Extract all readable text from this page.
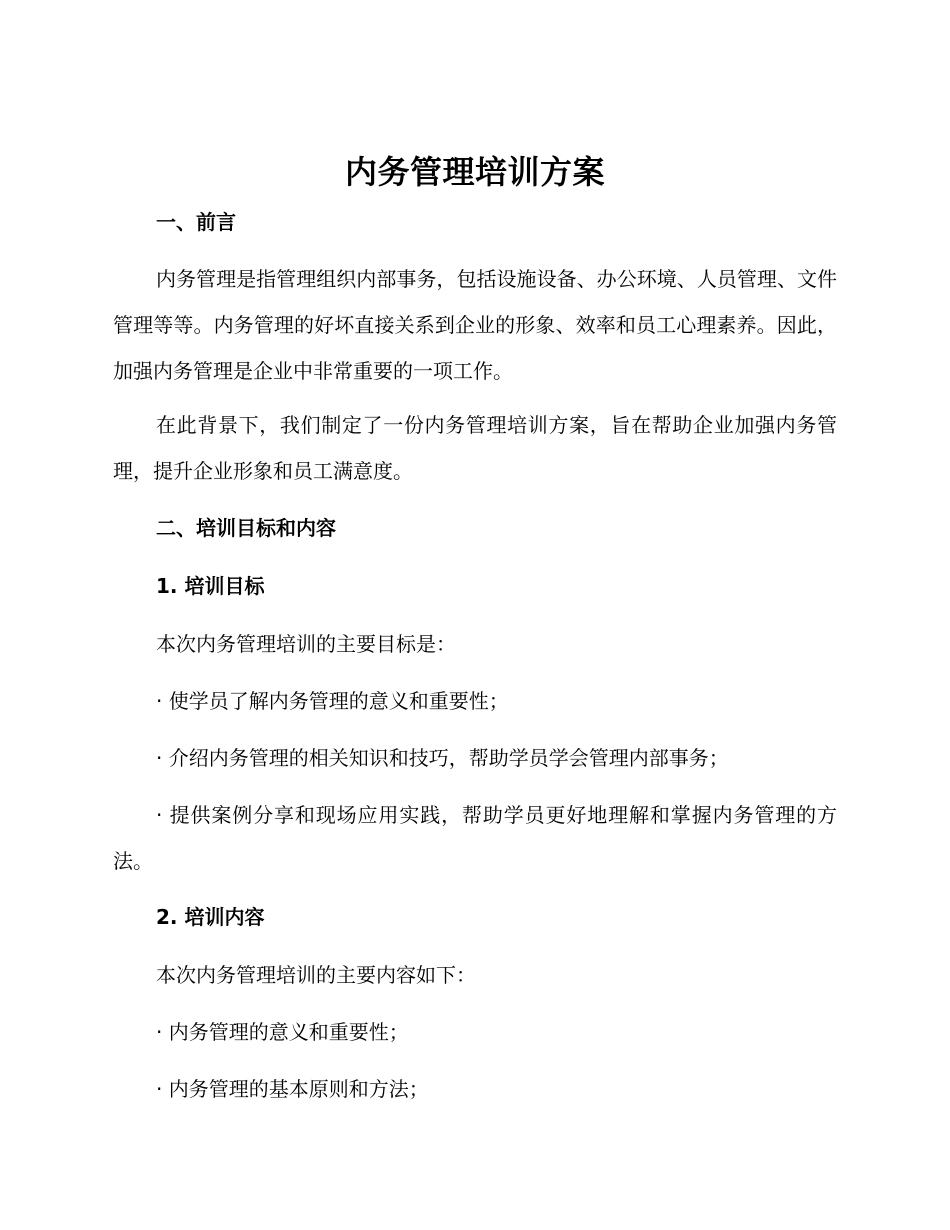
内务管理培训方案
一、前言

内务管理是指管理组织内部事务，包括设施设备、办公环境、人员管理、文件管理等等。内务管理的好坏直接关系到企业的形象、效率和员工心理素养。因此，加强内务管理是企业中非常重要的一项工作。

在此背景下，我们制定了一份内务管理培训方案，旨在帮助企业加强内务管理，提升企业形象和员工满意度。

二、培训目标和内容
1. 培训目标
本次内务管理培训的主要目标是：
· 使学员了解内务管理的意义和重要性；
· 介绍内务管理的相关知识和技巧，帮助学员学会管理内部事务；

· 提供案例分享和现场应用实践，帮助学员更好地理解和掌握内务管理的方法。

2. 培训内容
本次内务管理培训的主要内容如下：
· 内务管理的意义和重要性；
· 内务管理的基本原则和方法；
